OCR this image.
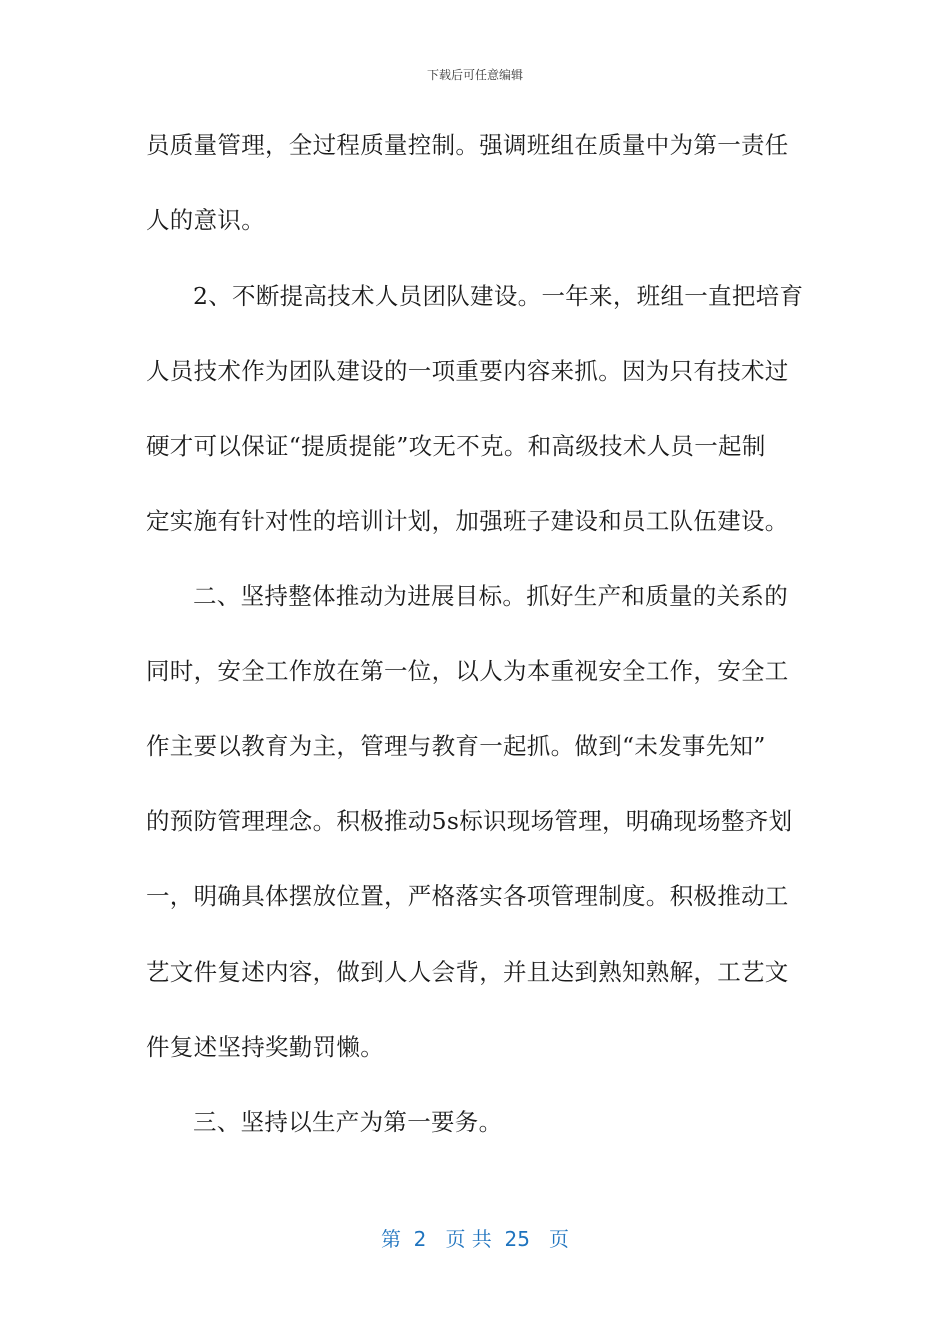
下载后可任意编辑
员质量管理，全过程质量控制。强调班组在质量中为第一责任
人的意识。
2、不断提高技术人员团队建设。一年来，班组一直把培育
人员技术作为团队建设的一项重要内容来抓。因为只有技术过
硬才可以保证“提质提能”攻无不克。和高级技术人员一起制
定实施有针对性的培训计划，加强班子建设和员工队伍建设。
二、坚持整体推动为进展目标。抓好生产和质量的关系的
同时，安全工作放在第一位，以人为本重视安全工作，安全工
作主要以教育为主，管理与教育一起抓。做到“未发事先知”
的预防管理理念。积极推动5s标识现场管理，明确现场整齐划
一，明确具体摆放位置，严格落实各项管理制度。积极推动工
艺文件复述内容，做到人人会背，并且达到熟知熟解，工艺文
件复述坚持奖勤罚懒。
三、坚持以生产为第一要务。
第  2   页 共  25   页
